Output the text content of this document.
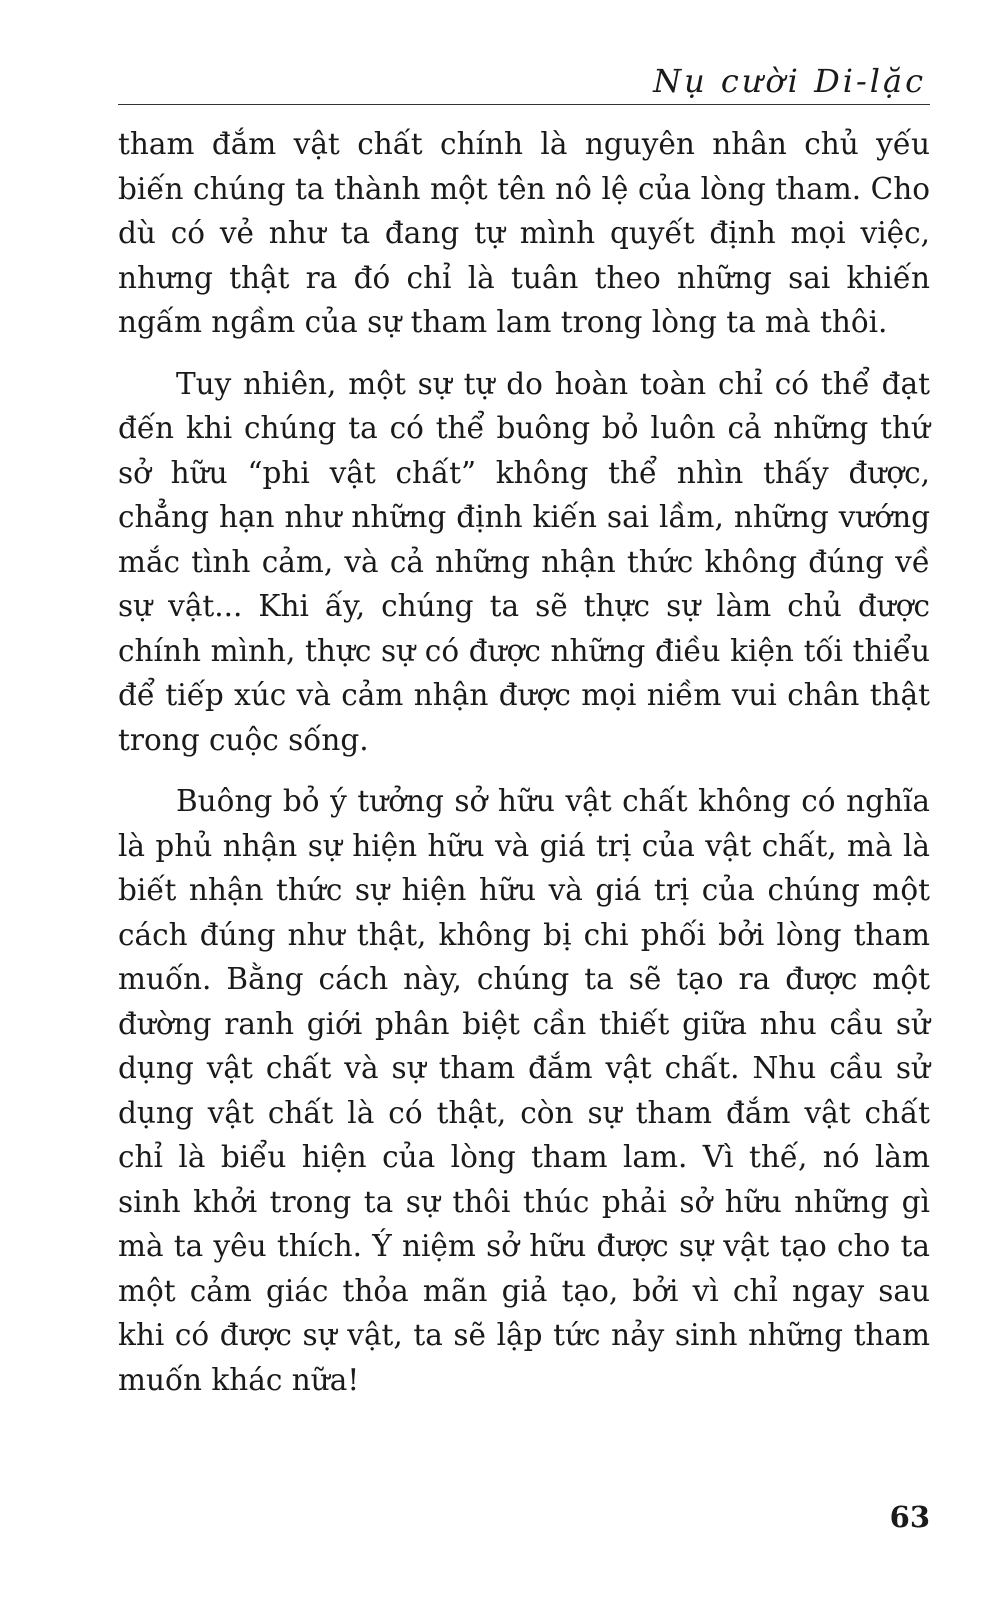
Nụ cười Di-lặc

tham đắm vật chất chính là nguyên nhân chủ yếu biến chúng ta thành một tên nô lệ của lòng tham. Cho dù có vẻ như ta đang tự mình quyết định mọi việc, nhưng thật ra đó chỉ là tuân theo những sai khiến ngấm ngầm của sự tham lam trong lòng ta mà thôi.

Tuy nhiên, một sự tự do hoàn toàn chỉ có thể đạt đến khi chúng ta có thể buông bỏ luôn cả những thứ sở hữu “phi vật chất” không thể nhìn thấy được, chẳng hạn như những định kiến sai lầm, những vướng mắc tình cảm, và cả những nhận thức không đúng về sự vật... Khi ấy, chúng ta sẽ thực sự làm chủ được chính mình, thực sự có được những điều kiện tối thiểu để tiếp xúc và cảm nhận được mọi niềm vui chân thật trong cuộc sống.

Buông bỏ ý tưởng sở hữu vật chất không có nghĩa là phủ nhận sự hiện hữu và giá trị của vật chất, mà là biết nhận thức sự hiện hữu và giá trị của chúng một cách đúng như thật, không bị chi phối bởi lòng tham muốn. Bằng cách này, chúng ta sẽ tạo ra được một đường ranh giới phân biệt cần thiết giữa nhu cầu sử dụng vật chất và sự tham đắm vật chất. Nhu cầu sử dụng vật chất là có thật, còn sự tham đắm vật chất chỉ là biểu hiện của lòng tham lam. Vì thế, nó làm sinh khởi trong ta sự thôi thúc phải sở hữu những gì mà ta yêu thích. Ý niệm sở hữu được sự vật tạo cho ta một cảm giác thỏa mãn giả tạo, bởi vì chỉ ngay sau khi có được sự vật, ta sẽ lập tức nảy sinh những tham muốn khác nữa!

63
